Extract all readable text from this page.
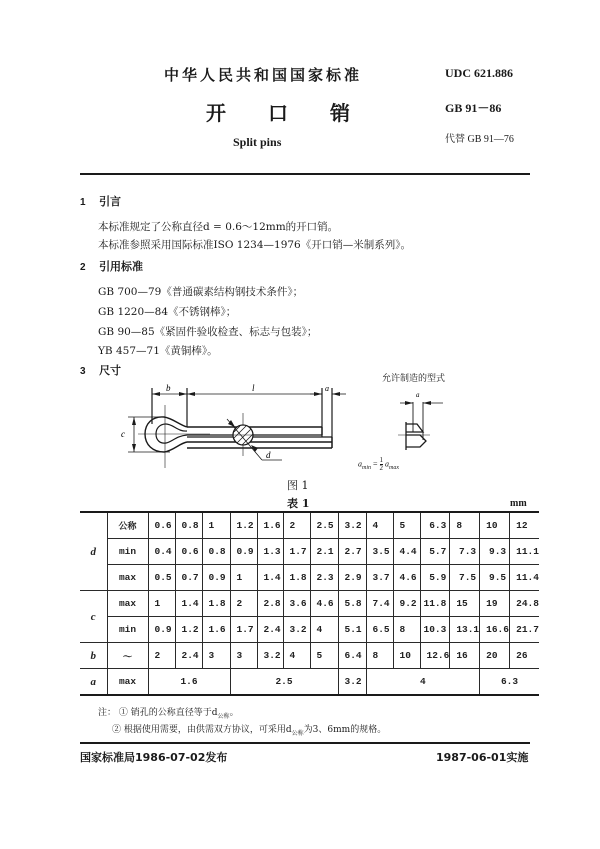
中华人民共和国国家标准
开 口 销
Split pins
UDC 621.886
GB 91－86
代替 GB 91—76
1 引言
本标准规定了公称直径d = 0.6～12mm的开口销。
本标准参照采用国际标准ISO 1234—1976《开口销—米制系列》。
2 引用标准
GB 700—79《普通碳素结构钢技术条件》；
GB 1220—84《不锈钢棒》；
GB 90—85《紧固件验收检查、标志与包装》；
YB 457—71《黄铜棒》。
3 尺寸
b	l	a
c
d
a
允许制造的型式
$a_{min} = \frac{1}{2} a_{max}$
图 1
表 1	mm
d	公称	0.6	0.8	1	1.2	1.6	2	2.5	3.2	4	5	6.3	8	10	12
	min	0.4	0.6	0.8	0.9	1.3	1.7	2.1	2.7	3.5	4.4	5.7	7.3	9.3	11.1
	max	0.5	0.7	0.9	1	1.4	1.8	2.3	2.9	3.7	4.6	5.9	7.5	9.5	11.4
c	max	1	1.4	1.8	2	2.8	3.6	4.6	5.8	7.4	9.2	11.8	15	19	24.8
	min	0.9	1.2	1.6	1.7	2.4	3.2	4	5.1	6.5	8	10.3	13.1	16.6	21.7
b	～	2	2.4	3	3	3.2	4	5	6.4	8	10	12.6	16	20	26
a	max	1.6			2.5				3.2	4				6.3	
注： ① 销孔的公称直径等于$d_{公称}$。
② 根据使用需要，由供需双方协议，可采用$d_{公称}$为3、6mm的规格。
国家标准局1986-07-02发布	1987-06-01实施
